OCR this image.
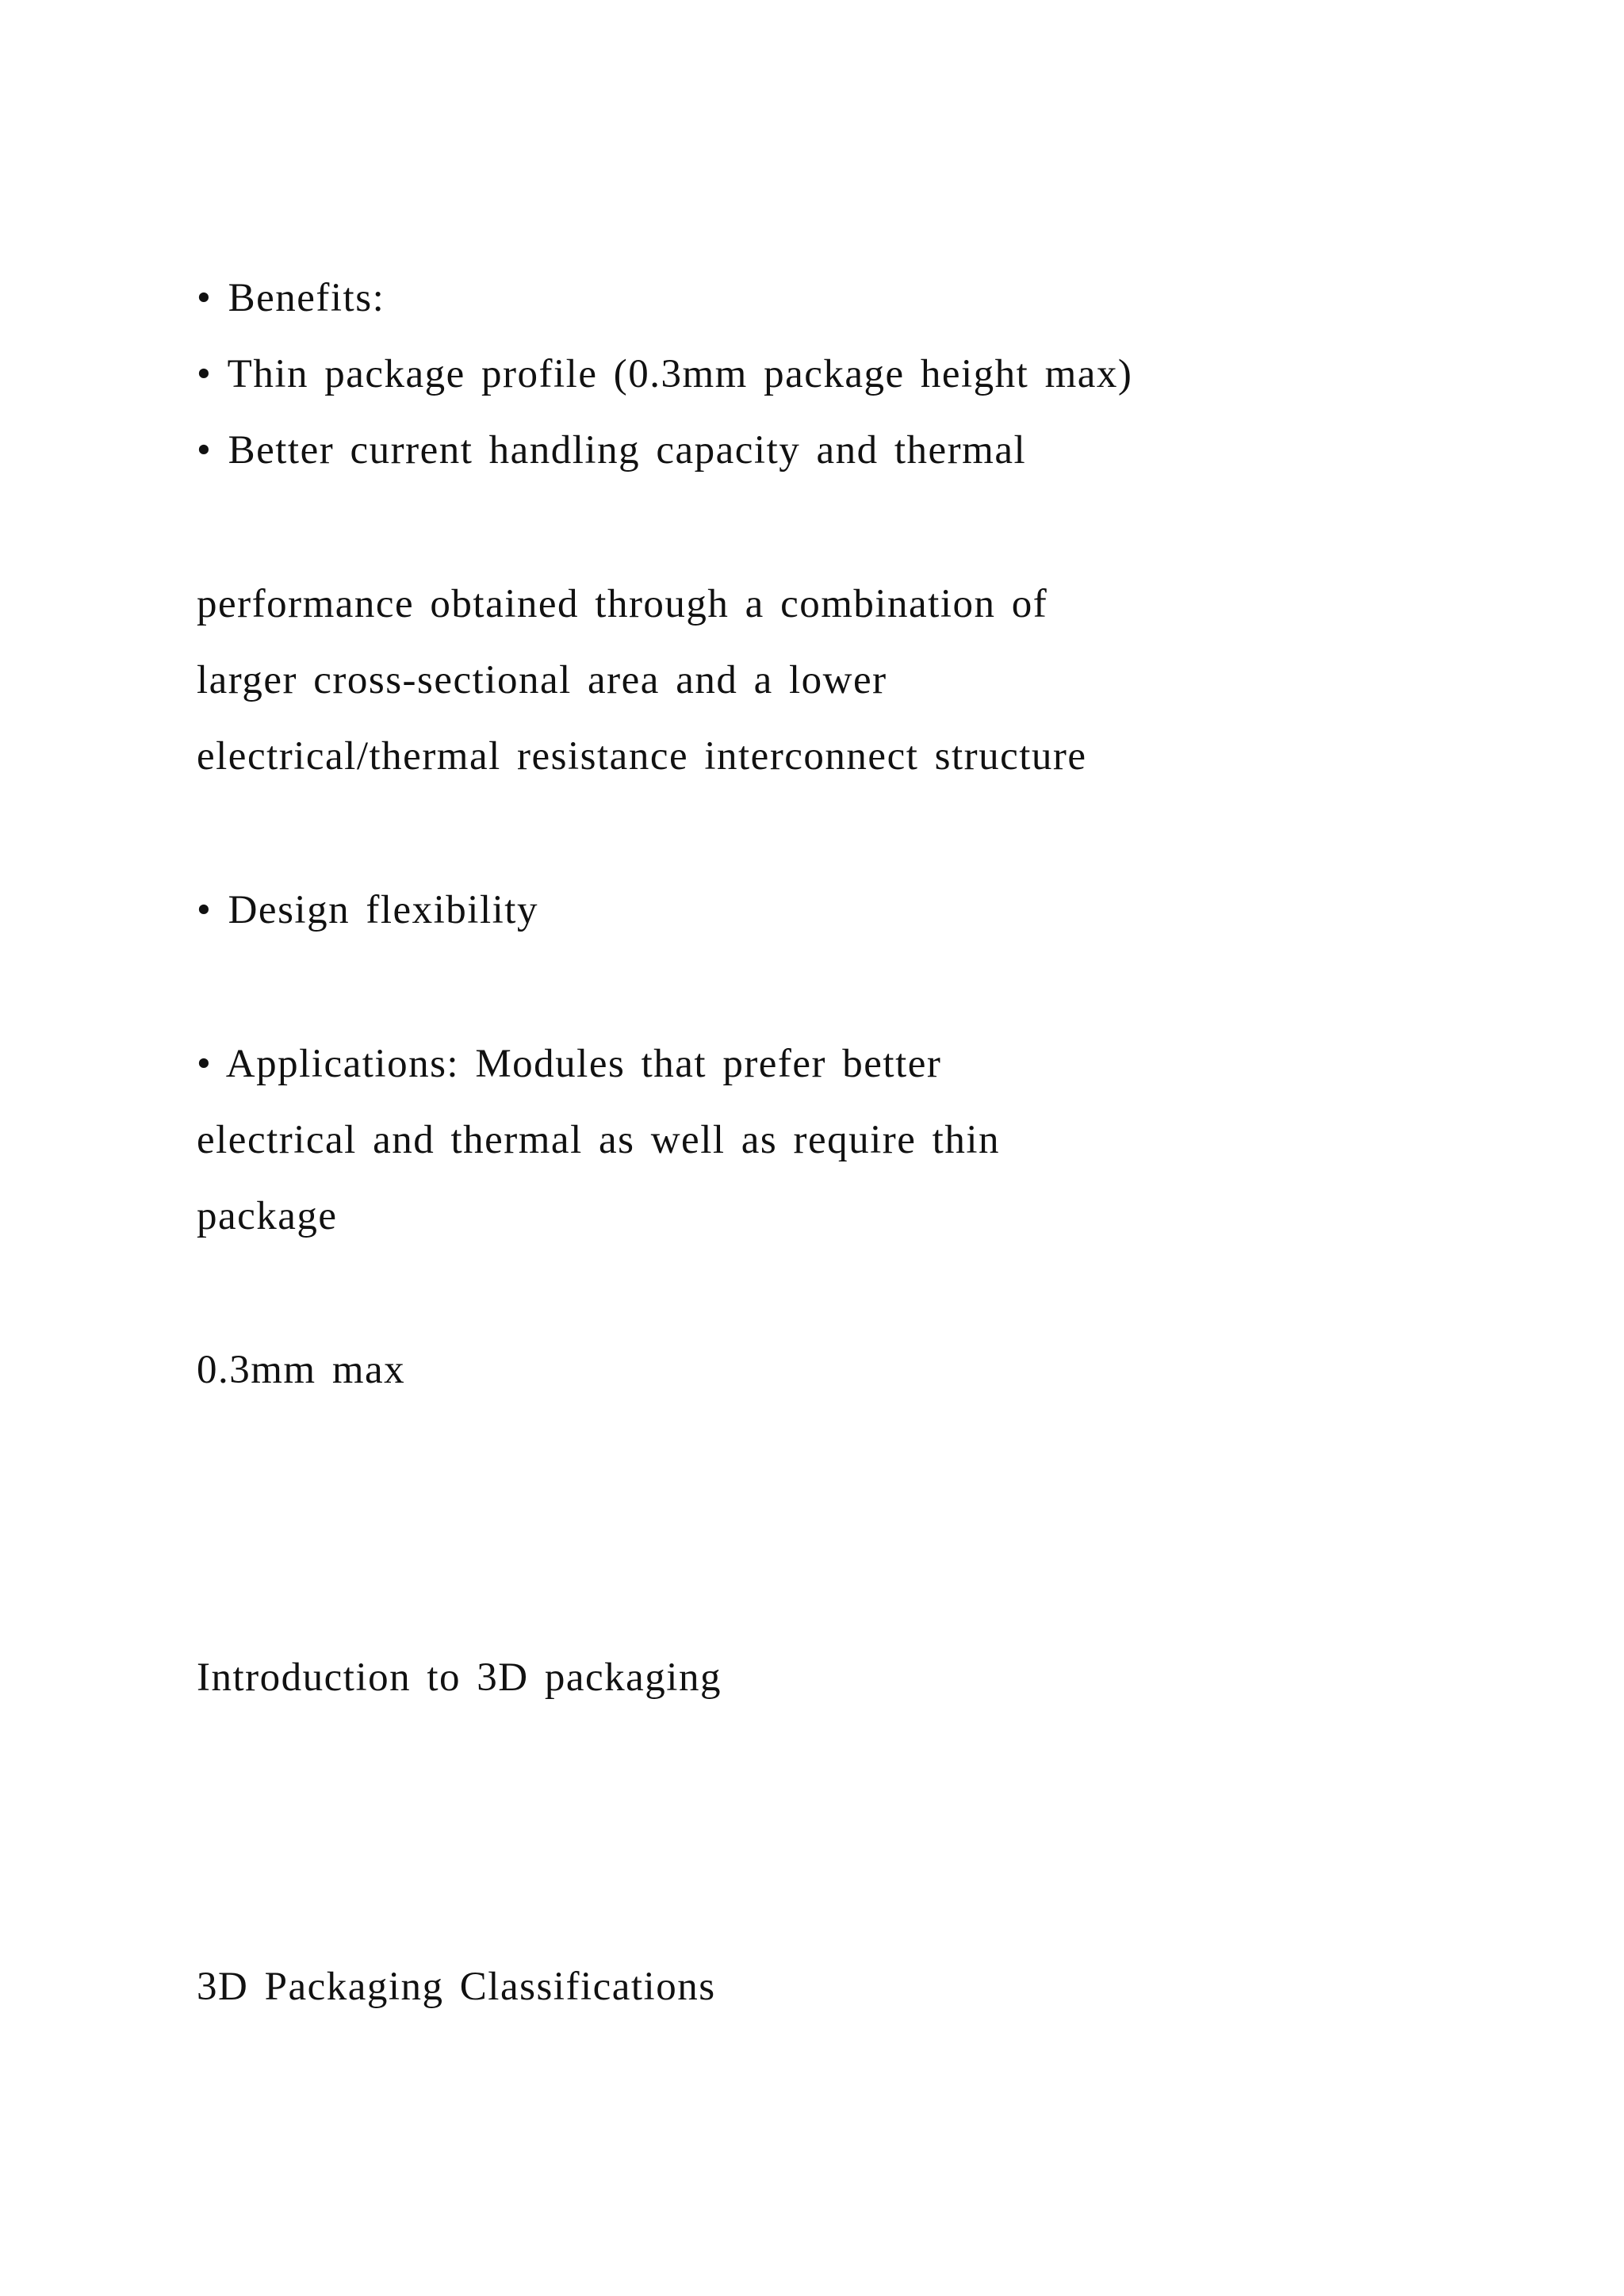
• Benefits:
• Thin package profile (0.3mm package height max)
• Better current handling capacity and thermal
performance obtained through a combination of
larger cross-sectional area and a lower
electrical/thermal resistance interconnect structure
• Design flexibility
• Applications: Modules that prefer better
electrical and thermal as well as require thin
package
0.3mm max
Introduction to 3D packaging
3D Packaging Classifications
